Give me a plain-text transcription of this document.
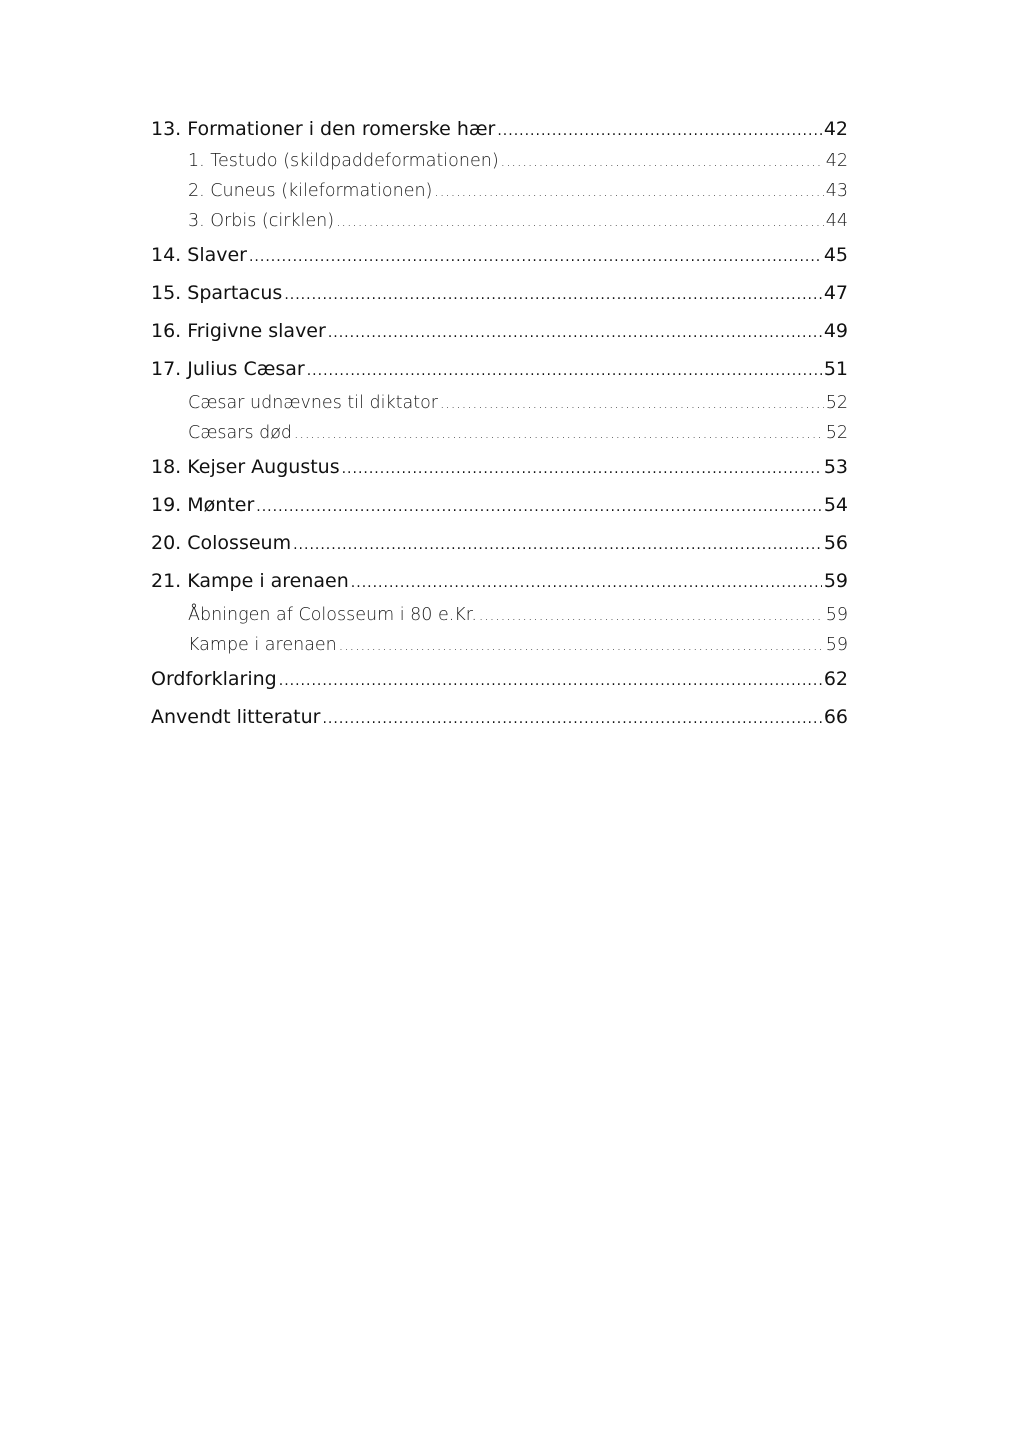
13. Formationer i den romerske hær .....	42
1. Testudo (skildpaddeformationen) .....	42
2. Cuneus (kileformationen) .....	43
3. Orbis (cirklen) .....	44
14. Slaver .....	45
15. Spartacus .....	47
16. Frigivne slaver .....	49
17. Julius Cæsar .....	51
Cæsar udnævnes til diktator .....	52
Cæsars død .....	52
18. Kejser Augustus .....	53
19. Mønter .....	54
20. Colosseum .....	56
21. Kampe i arenaen .....	59
Åbningen af Colosseum i 80 e.Kr. .....	59
Kampe i arenaen .....	59
Ordforklaring .....	62
Anvendt litteratur .....	66
